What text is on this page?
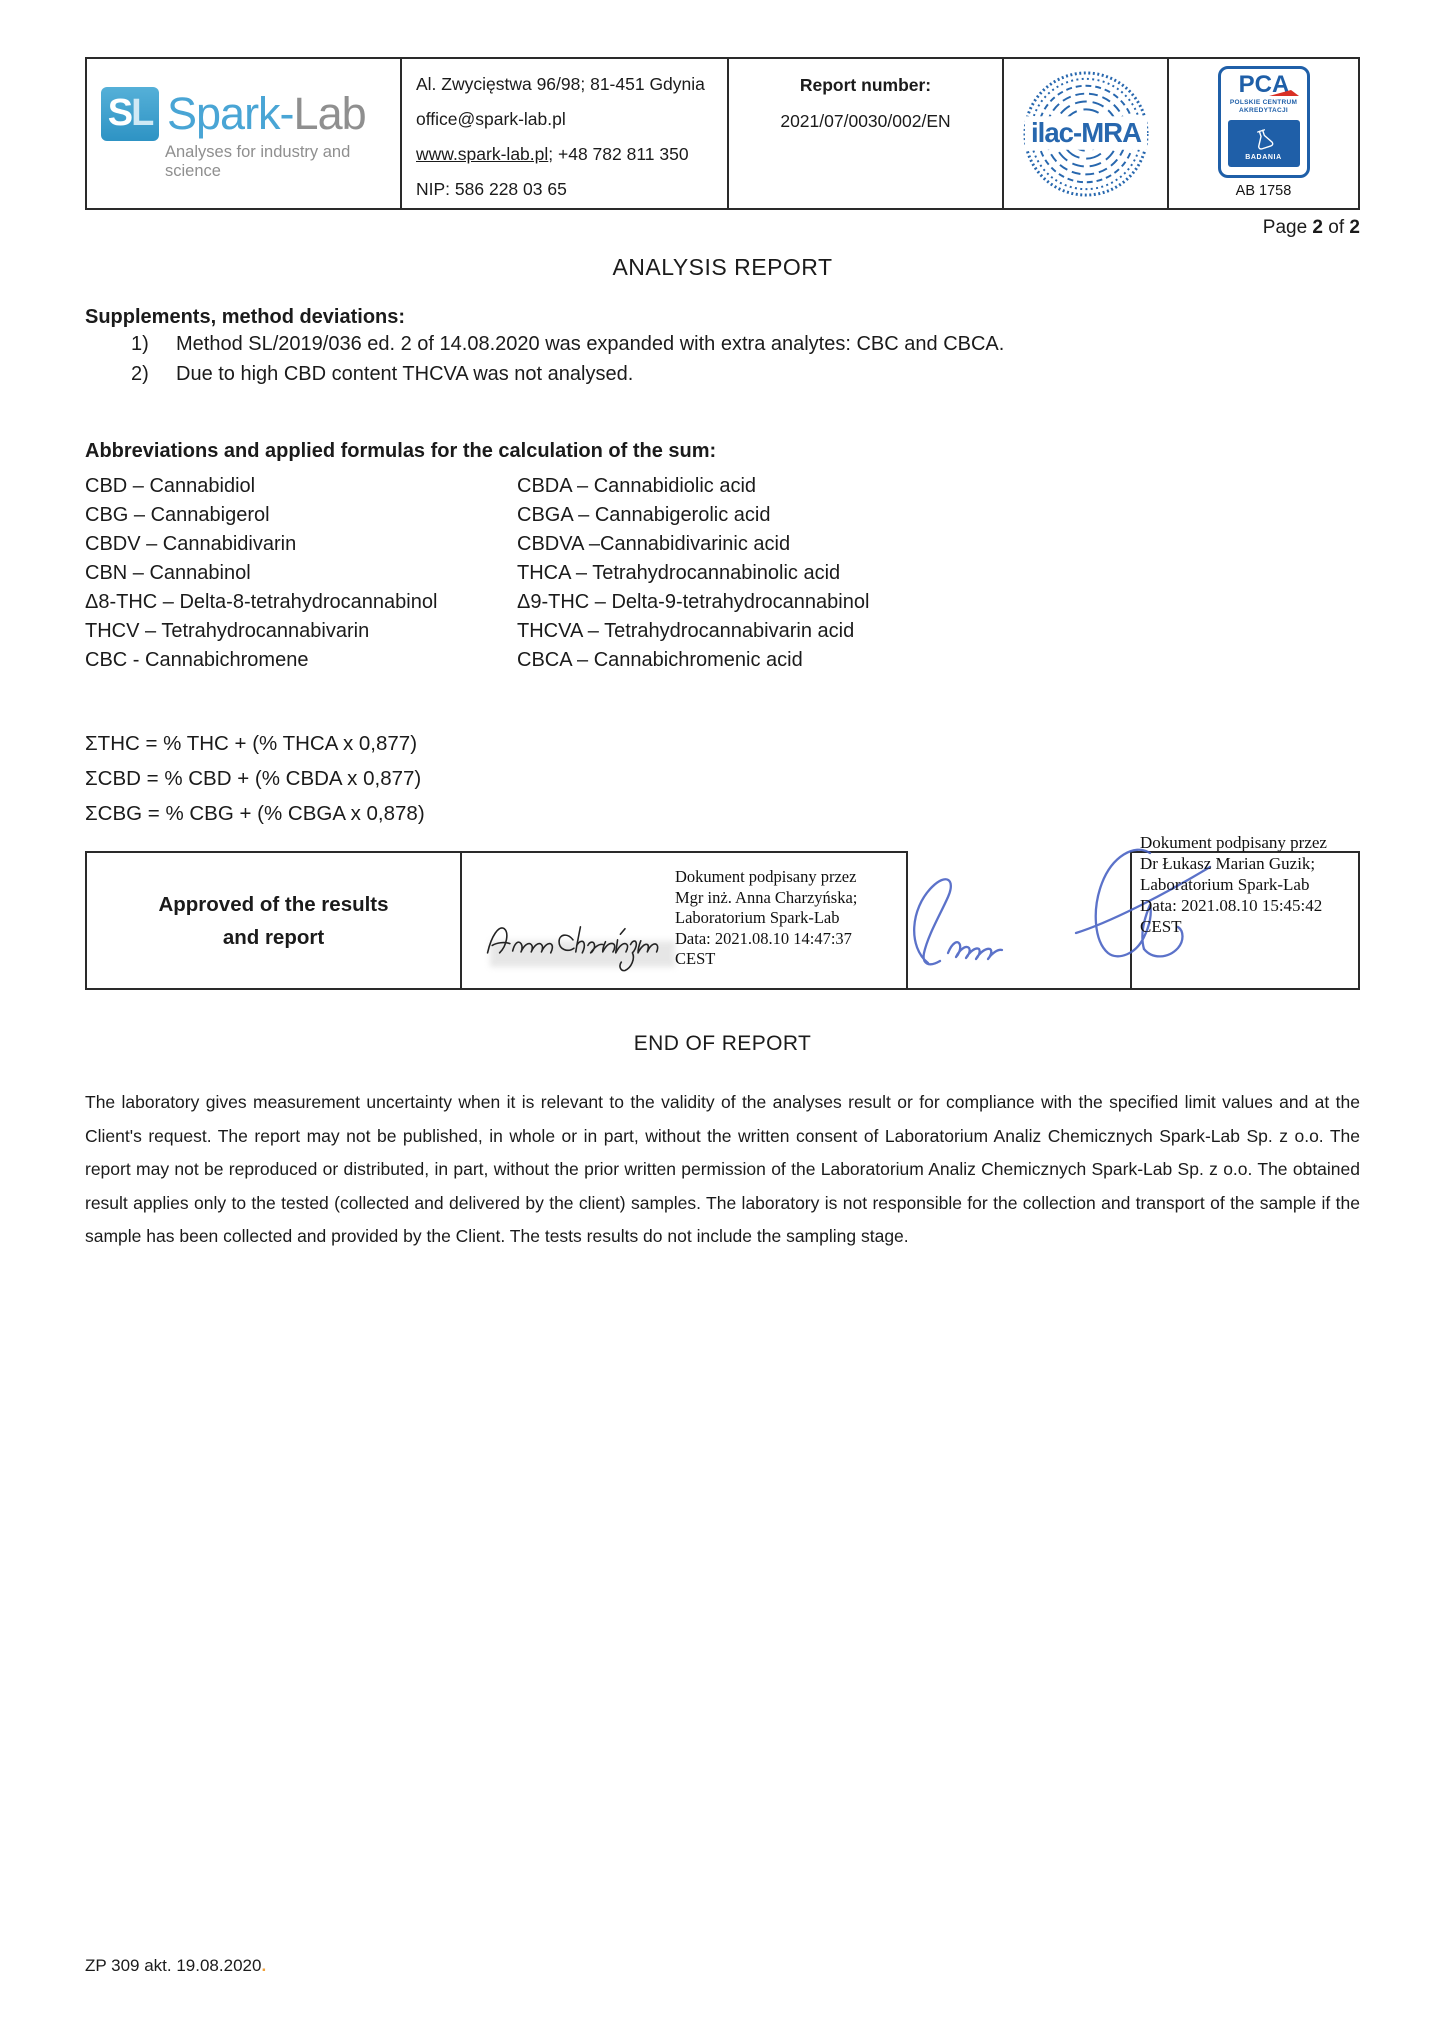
S L Spark-Lab
Analyses for industry and science
Al. Zwycięstwa 96/98; 81-451 Gdynia
office@spark-lab.pl
www.spark-lab.pl; +48 782 811 350
NIP: 586 228 03 65
Report number:
2021/07/0030/002/EN	ilac-MRA
PCA
POLSKIE CENTRUM
AKREDYTACJI
BADANIA
AB 1758
Page 2 of 2
ANALYSIS REPORT
Supplements, method deviations:
1)	Method SL/2019/036 ed. 2 of 14.08.2020 was expanded with extra analytes: CBC and CBCA.
2)	Due to high CBD content THCVA was not analysed.
Abbreviations and applied formulas for the calculation of the sum:
CBD – Cannabidiol
CBG – Cannabigerol
CBDV – Cannabidivarin
CBN – Cannabinol
Δ8-THC – Delta-8-tetrahydrocannabinol
THCV – Tetrahydrocannabivarin
CBC - Cannabichromene
CBDA – Cannabidiolic acid
CBGA – Cannabigerolic acid
CBDVA –Cannabidivarinic acid
THCA – Tetrahydrocannabinolic acid
Δ9-THC – Delta-9-tetrahydrocannabinol
THCVA – Tetrahydrocannabivarin acid
CBCA – Cannabichromenic acid
ΣTHC = % THC + (% THCA x 0,877)
ΣCBD = % CBD + (% CBDA x 0,877)
ΣCBG = % CBG + (% CBGA x 0,878)
Approved of the results
and report
Dokument podpisany przez
Mgr inż. Anna Charzyńska;
Laboratorium Spark-Lab
Data: 2021.08.10 14:47:37
CEST
Dokument podpisany przez
Dr Łukasz Marian Guzik;
Laboratorium Spark-Lab
Data: 2021.08.10 15:45:42
CEST
END OF REPORT
The laboratory gives measurement uncertainty when it is relevant to the validity of the analyses result or for compliance with the specified limit values and at the Client's request. The report may not be published, in whole or in part, without the written consent of Laboratorium Analiz Chemicznych Spark-Lab Sp. z o.o. The report may not be reproduced or distributed, in part, without the prior written permission of the Laboratorium Analiz Chemicznych Spark-Lab Sp. z o.o. The obtained result applies only to the tested (collected and delivered by the client) samples. The laboratory is not responsible for the collection and transport of the sample if the sample has been collected and provided by the Client. The tests results do not include the sampling stage.
ZP 309 akt. 19.08.2020.
